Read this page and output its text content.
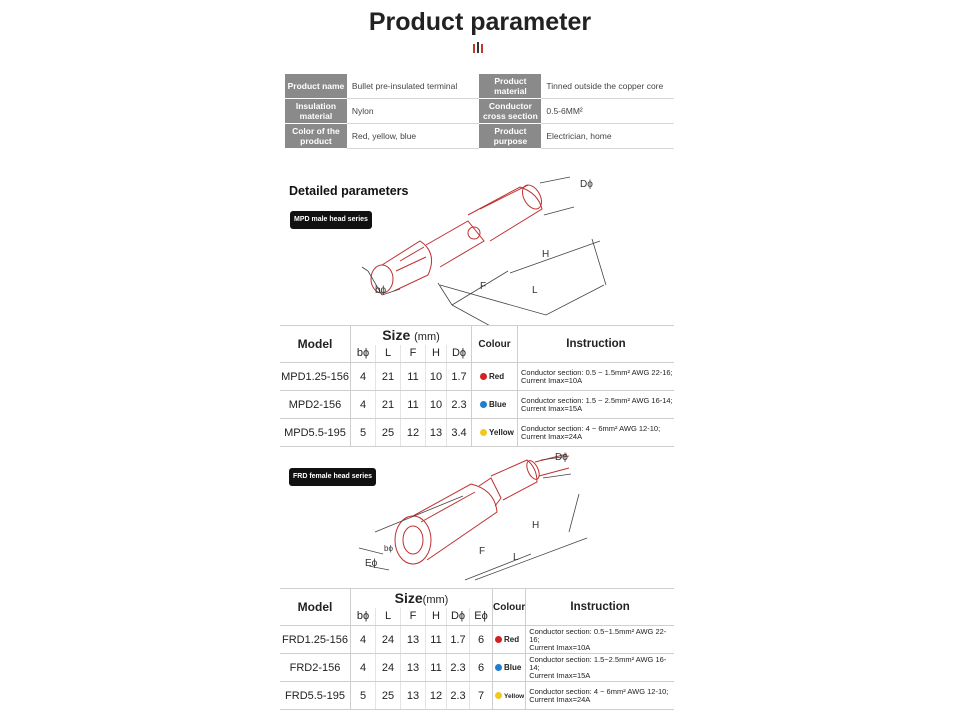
Product parameter
Product name	Bullet pre-insulated terminal	Product material	Tinned outside the copper core
Insulation material	Nylon	Conductor cross section	0.5-6MM²
Color of the product	Red, yellow, blue	Product purpose	Electrician, home
Detailed parameters
MPD male head series
Dϕ
H
F	L
bϕ
Model	Size (mm)					Colour	Instruction
	bϕ	L	F	H	Dϕ		
MPD1.25-156	4	21	11	10	1.7	Red	Conductor section: 0.5 ~ 1.5mm² AWG 22-16;
Current Imax=10A
MPD2-156	4	21	11	10	2.3	Blue	Conductor section: 1.5 ~ 2.5mm² AWG 16-14;
Current Imax=15A
MPD5.5-195	5	25	12	13	3.4	Yellow	Conductor section: 4 ~ 6mm² AWG 12-10;
Current Imax=24A
FRD female head series
Dϕ
H
F
L
bϕ
Eϕ
Model	Size(mm)						Colour	Instruction
	bϕ	L	F	H	Dϕ	Eϕ		
FRD1.25-156	4	24	13	11	1.7	6	Red	Conductor section: 0.5~1.5mm² AWG 22-16;
Current Imax=10A
FRD2-156	4	24	13	11	2.3	6	Blue	Conductor section: 1.5~2.5mm² AWG 16-14;
Current Imax=15A
FRD5.5-195	5	25	13	12	2.3	7	Yellow	Conductor section: 4 ~ 6mm² AWG 12-10;
Current Imax=24A
